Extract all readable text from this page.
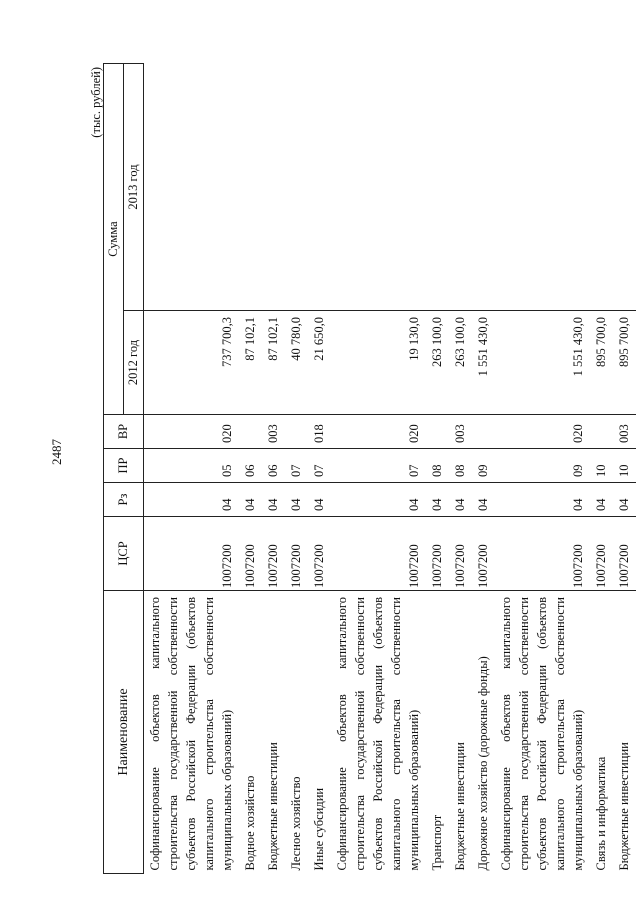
2487
(тыс. рублей)
Наименование	ЦСР	Рз	ПР	ВР	Сумма	
					2012 год	2013 год
Софинансирование объектов капитального строительства государственной собственности субъектов Российской Федерации (объектов капитального строительства собственности муниципальных образований)	1007200	04	05	020	737 700,3	
Водное хозяйство	1007200	04	06		87 102,1	
Бюджетные инвестиции	1007200	04	06	003	87 102,1	
Лесное хозяйство	1007200	04	07		40 780,0	
Иные субсидии	1007200	04	07	018	21 650,0	
Софинансирование объектов капитального строительства государственной собственности субъектов Российской Федерации (объектов капитального строительства собственности муниципальных образований)	1007200	04	07	020	19 130,0	
Транспорт	1007200	04	08		263 100,0	
Бюджетные инвестиции	1007200	04	08	003	263 100,0	
Дорожное хозяйство (дорожные фонды)	1007200	04	09		1 551 430,0	
Софинансирование объектов капитального строительства государственной собственности субъектов Российской Федерации (объектов капитального строительства собственности муниципальных образований)	1007200	04	09	020	1 551 430,0	
Связь и информатика	1007200	04	10		895 700,0	
Бюджетные инвестиции	1007200	04	10	003	895 700,0	
